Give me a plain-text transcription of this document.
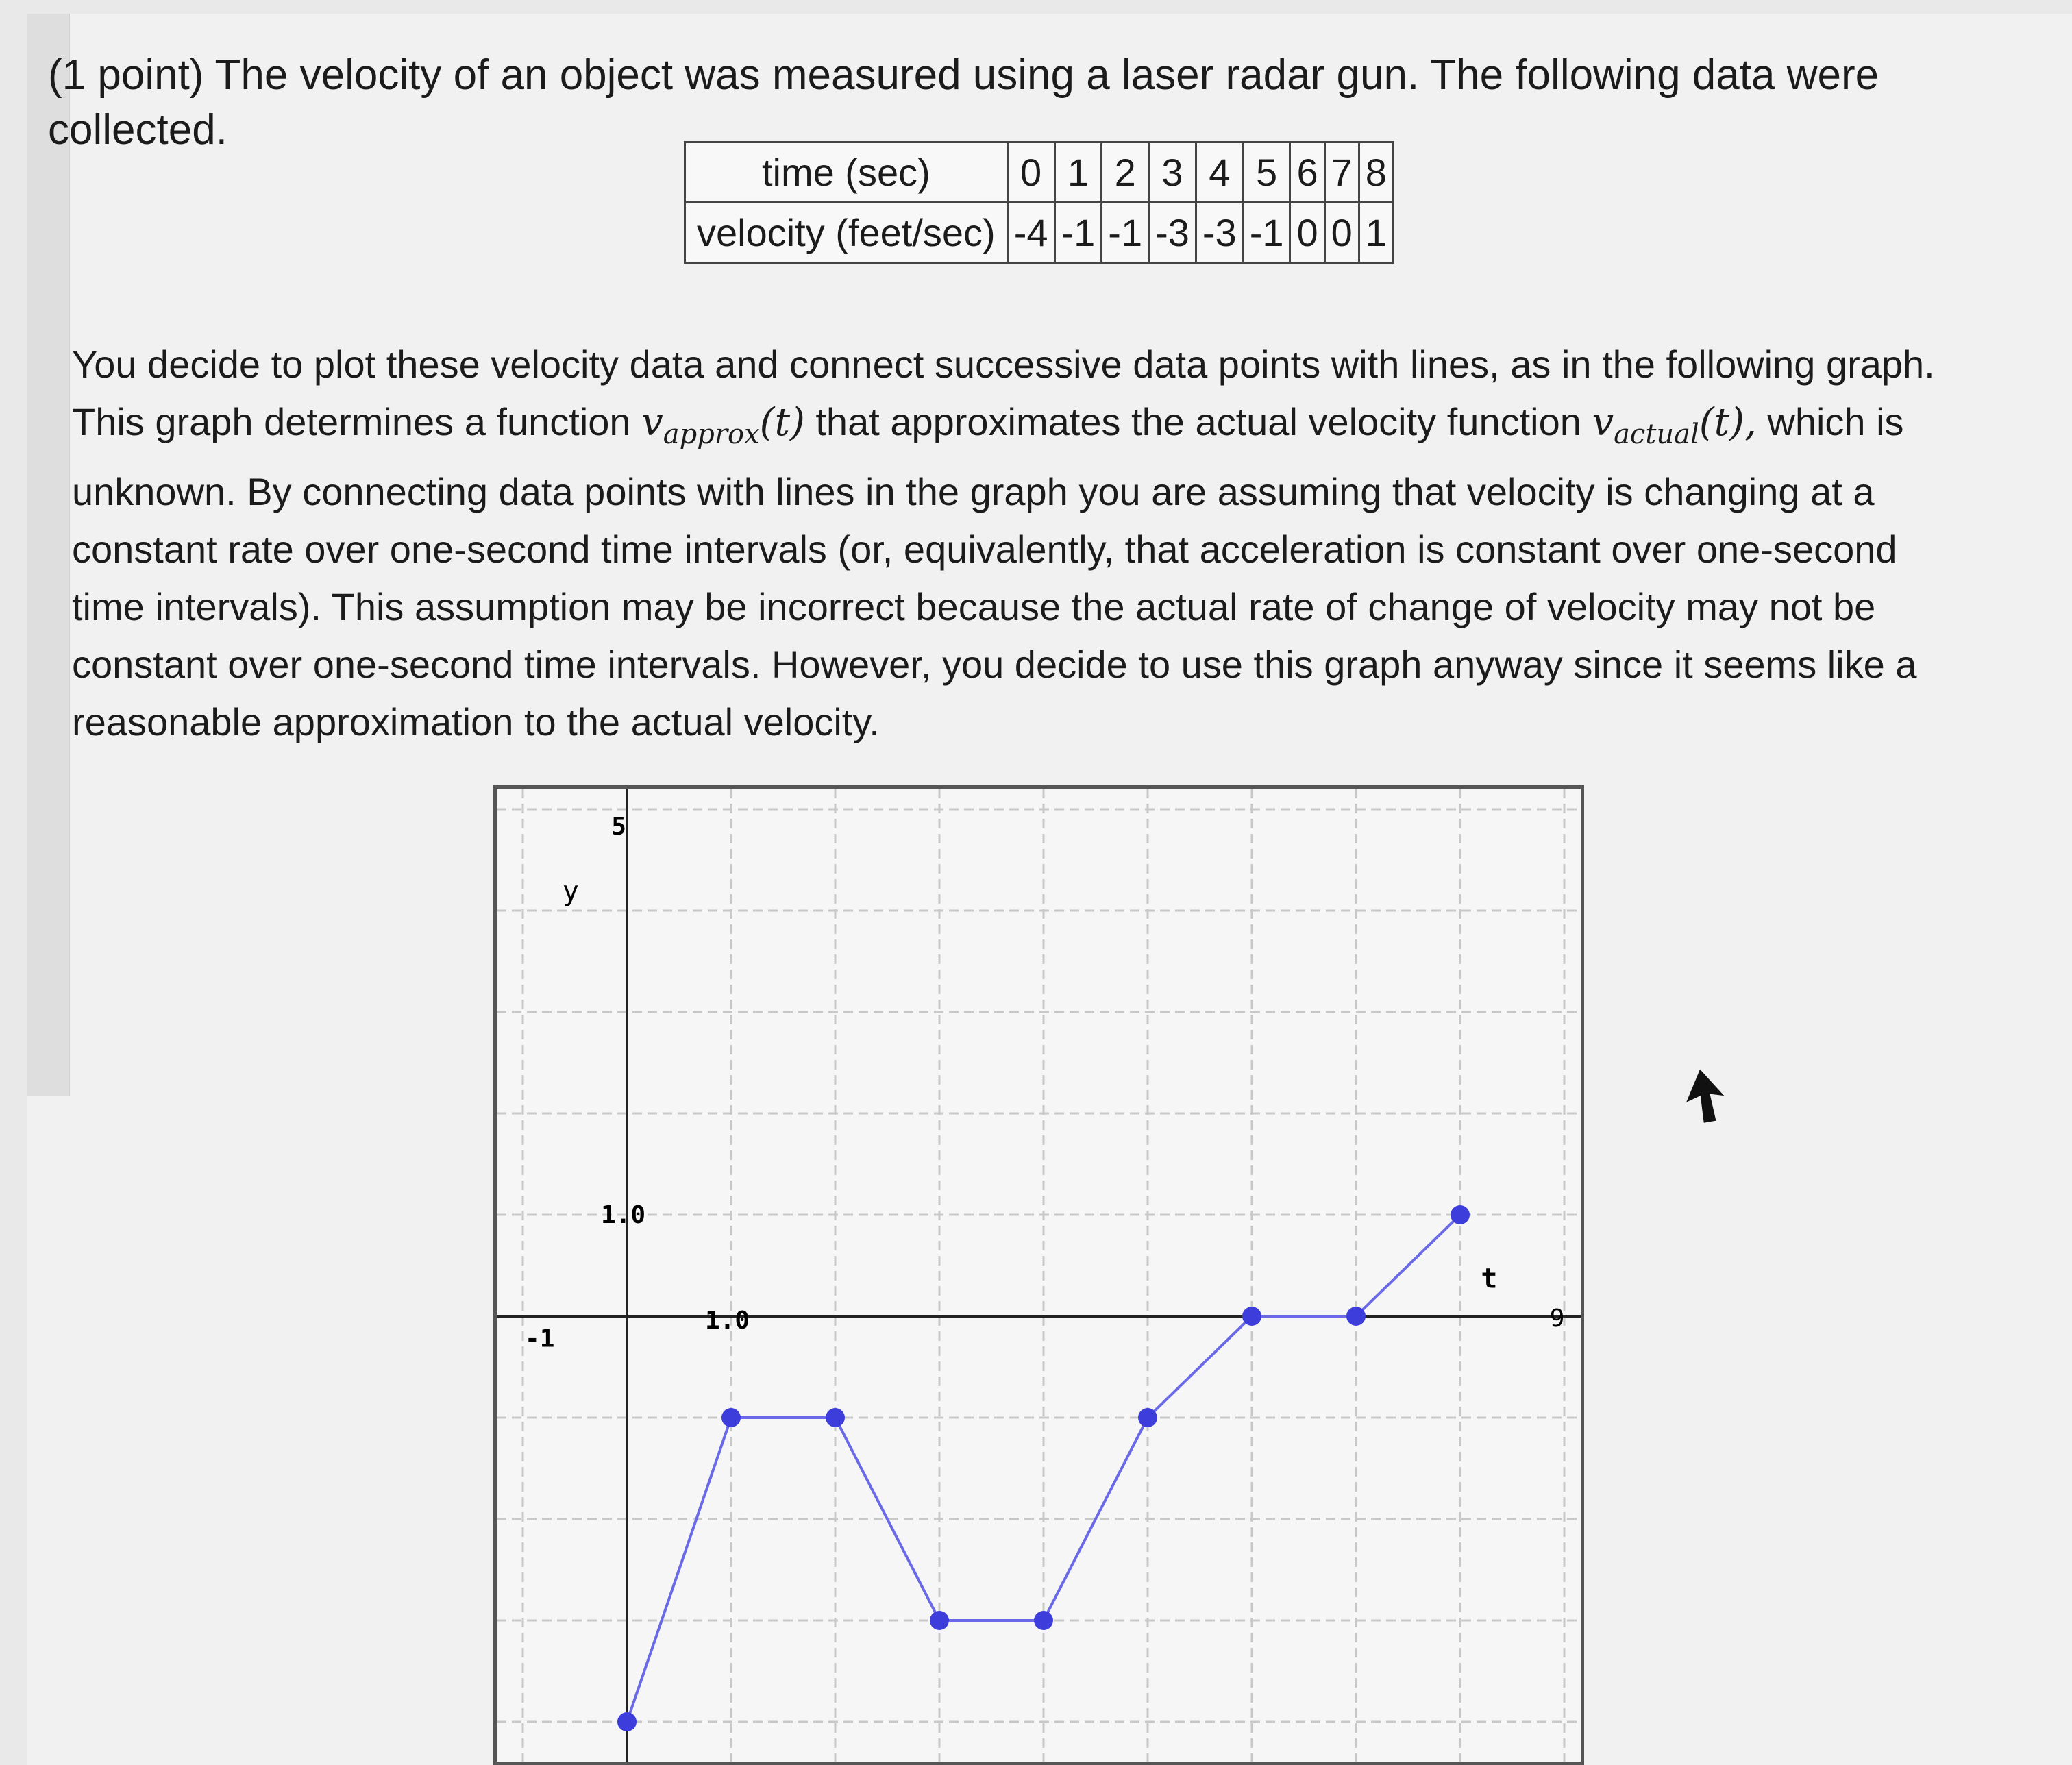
(1 point) The velocity of an object was measured using a laser radar gun. The following data were collected.

time (sec)	0	1	2	3	4	5	6	7	8
velocity (feet/sec)	-4	-1	-1	-3	-3	-1	0	0	1

You decide to plot these velocity data and connect successive data points with lines, as in the following graph. This graph determines a function $v_{approx}(t)$ that approximates the actual velocity function $v_{actual}(t)$, which is unknown. By connecting data points with lines in the graph you are assuming that velocity is changing at a constant rate over one-second time intervals (or, equivalently, that acceleration is constant over one-second time intervals). This assumption may be incorrect because the actual rate of change of velocity may not be constant over one-second time intervals. However, you decide to use this graph anyway since it seems like a reasonable approximation to the actual velocity.

y
t
5
1.0
1.0
-1
9
